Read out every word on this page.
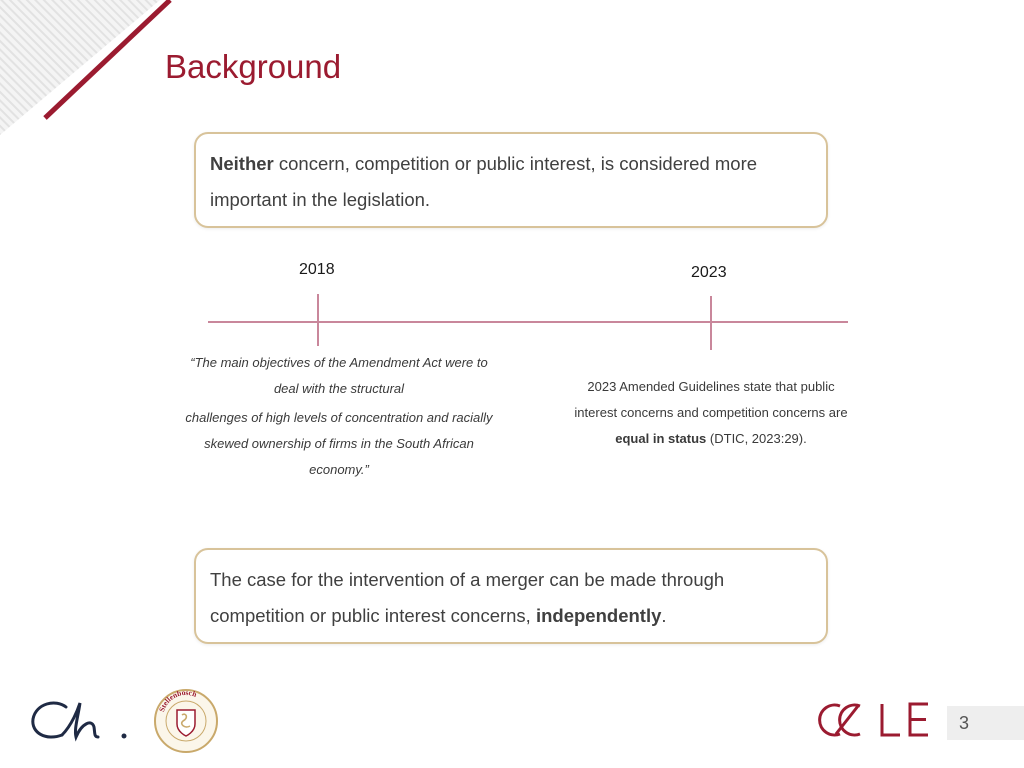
Background

Neither concern, competition or public interest, is considered more important in the legislation.

2018	2023
“The main objectives of the Amendment Act were to
deal with the structural
challenges of high levels of concentration and racially
skewed ownership of firms in the South African
economy.”
2023 Amended Guidelines state that public
interest concerns and competition concerns are
equal in status (DTIC, 2023:29).

The case for the intervention of a merger can be made through competition or public interest concerns, independently.

Stellenbosch
3
